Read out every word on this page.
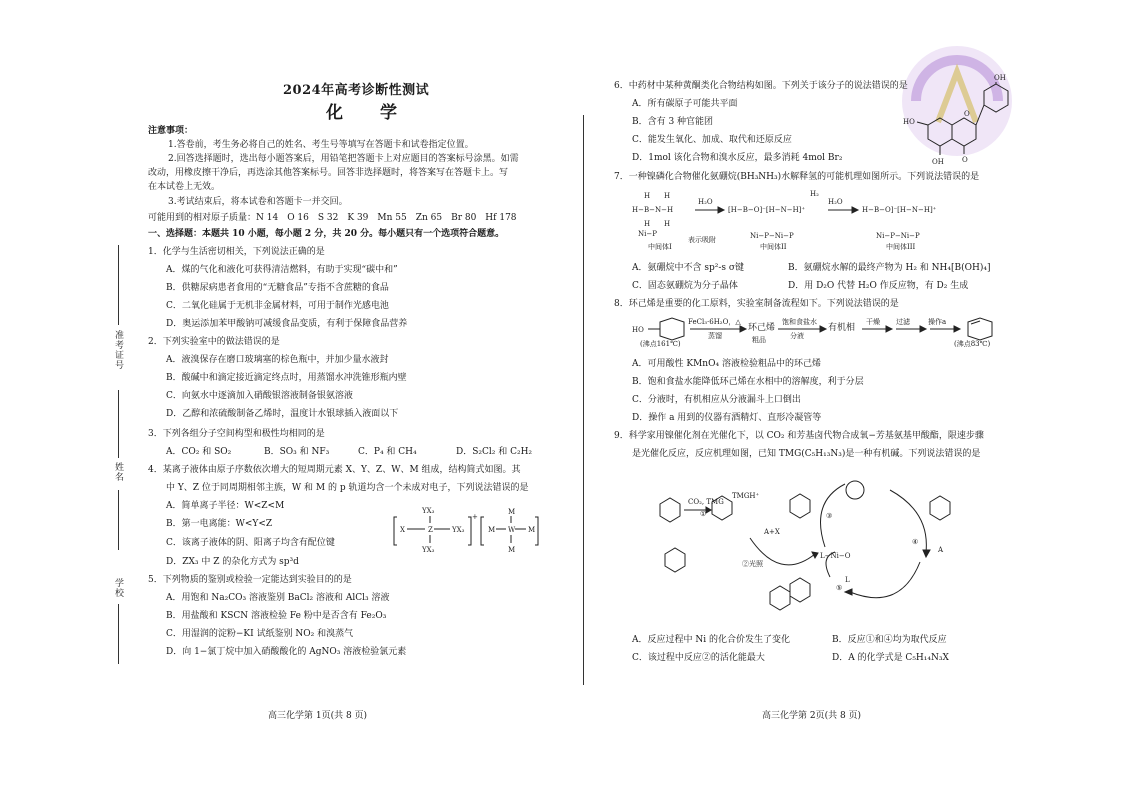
2024年高考诊断性测试
化　学
注意事项：
1.答卷前，考生务必将自己的姓名、考生号等填写在答题卡和试卷指定位置。
2.回答选择题时，选出每小题答案后，用铅笔把答题卡上对应题目的答案标号涂黑。如需
改动，用橡皮擦干净后，再选涂其他答案标号。回答非选择题时，将答案写在答题卡上。写
在本试卷上无效。
3.考试结束后，将本试卷和答题卡一并交回。
可能用到的相对原子质量：N 14　O 16　S 32　K 39　Mn 55　Zn 65　Br 80　Hf 178
一、选择题：本题共 10 小题，每小题 2 分，共 20 分。每小题只有一个选项符合题意。
1．化学与生活密切相关，下列说法正确的是
A．煤的气化和液化可获得清洁燃料，有助于实现“碳中和”
B．供糖尿病患者食用的“无糖食品”专指不含蔗糖的食品
C．二氧化硅属于无机非金属材料，可用于制作光感电池
D．奥运添加苯甲酸钠可减缓食品变质，有利于保障食品营养
2．下列实验室中的做法错误的是
A．液溴保存在磨口玻璃塞的棕色瓶中，并加少量水液封
B．酸碱中和滴定接近滴定终点时，用蒸馏水冲洗锥形瓶内壁
C．向氨水中逐滴加入硝酸银溶液制备银氨溶液
D．乙醇和浓硫酸制备乙烯时，温度计水银球插入液面以下
3．下列各组分子空间构型和极性均相同的是
A．CO₂ 和 SO₂	B．SO₃ 和 NF₃	C．P₄ 和 CH₄	D．S₂Cl₂ 和 C₂H₂
4．某离子液体由原子序数依次增大的短周期元素 X、Y、Z、W、M 组成，结构简式如图。其
中 Y、Z 位于同周期相邻主族，W 和 M 的 p 轨道均含一个未成对电子，下列说法错误的是
A．简单离子半径：W<Z<M
B．第一电离能：W<Y<Z
C．该离子液体的阴、阳离子均含有配位键
D．ZX₃ 中 Z 的杂化方式为 sp³d
YX₃
X	Z	YX₃
YX₃
+
M W M
M
M
5．下列物质的鉴别或检验一定能达到实验目的的是
A．用饱和 Na₂CO₃ 溶液鉴别 BaCl₂ 溶液和 AlCl₃ 溶液
B．用盐酸和 KSCN 溶液检验 Fe 粉中是否含有 Fe₂O₃
C．用湿润的淀粉−KI 试纸鉴别 NO₂ 和溴蒸气
D．向 1−氯丁烷中加入硝酸酸化的 AgNO₃ 溶液检验氯元素
准考证号
姓名
学校
高三化学第 1页(共 8 页)
6．中药材中某种黄酮类化合物结构如图。下列关于该分子的说法错误的是
A．所有碳原子可能共平面
B．含有 3 种官能团
C．能发生氧化、加成、取代和还原反应
D．1mol 该化合物和溴水反应，最多消耗 4mol Br₂
OH
HO
O
O
OH
7．一种镍磷化合物催化氨硼烷(BH₃NH₃)水解释氢的可能机理如图所示。下列说法错误的是
H−B−N−H
H H
H H
Ni−P
H₂O
[H−B−O]⁻[H−N−H]⁺
Ni−P−Ni−P
H₂O
H₂
H−B−O]⁻[H−N−H]⁺
Ni−P−Ni−P
中间体I
表示吸附
中间体II	中间体III
A．氨硼烷中不含 sp²-s σ键	B．氨硼烷水解的最终产物为 H₂ 和 NH₄[B(OH)₄]
C．固态氨硼烷为分子晶体	D．用 D₂O 代替 H₂O 作反应物，有 D₂ 生成
8．环己烯是重要的化工原料，实验室制备流程如下。下列说法错误的是
HO
FeCl₃·6H₂O，△
蒸馏
环己烯
粗品
饱和食盐水
分液
有机相
干燥 过滤	操作a
(沸点161℃)	(沸点83℃)
A．可用酸性 KMnO₄ 溶液检验粗品中的环己烯
B．饱和食盐水能降低环己烯在水相中的溶解度，利于分层
C．分液时，有机相应从分液漏斗上口倒出
D．操作 a 用到的仪器有酒精灯、直形冷凝管等
9．科学家用镍催化剂在光催化下，以 CO₂ 和芳基卤代物合成氧−芳基氨基甲酸酯，限速步骤
是光催化反应，反应机理如图，已知 TMG(C₅H₁₃N₃)是一种有机碱。下列说法错误的是
L−Ni−O
L
CO₂, TMG
①
TMGH⁺
A+X
②光照
③
④
A
⑤
A．反应过程中 Ni 的化合价发生了变化	B．反应①和④均为取代反应
C．该过程中反应②的活化能最大	D．A 的化学式是 C₅H₁₄N₃X
高三化学第 2页(共 8 页)
